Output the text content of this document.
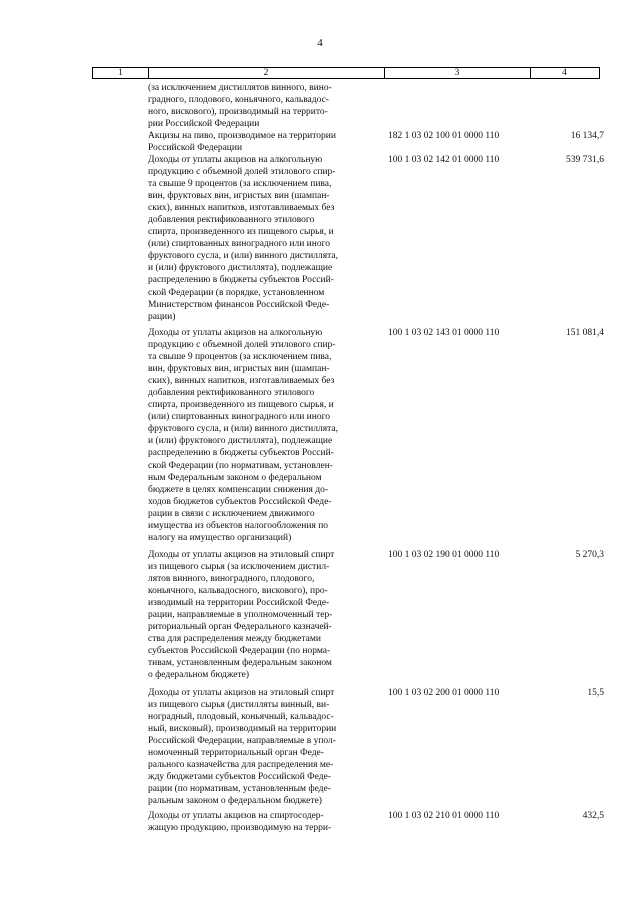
4
1	2	3	4
(за исключением дистиллятов винного, вино-
градного, плодового, коньячного, кальвадос-
ного, вискового), производимый на террито-
рии Российской Федерации
Акцизы на пиво, производимое на территории
Российской Федерации
182 1 03 02 100 01 0000 110	16 134,7
Доходы от уплаты акцизов на алкогольную
продукцию с объемной долей этилового спир-
та свыше 9 процентов (за исключением пива,
вин, фруктовых вин, игристых вин (шампан-
ских), винных напитков, изготавливаемых без
добавления ректификованного этилового
спирта, произведенного из пищевого сырья, и
(или) спиртованных виноградного или иного
фруктового сусла, и (или) винного дистиллята,
и (или) фруктового дистиллята), подлежащие
распределению в бюджеты субъектов Россий-
ской Федерации (в порядке, установленном
Министерством финансов Российской Феде-
рации)
100 1 03 02 142 01 0000 110	539 731,6
Доходы от уплаты акцизов на алкогольную
продукцию с объемной долей этилового спир-
та свыше 9 процентов (за исключением пива,
вин, фруктовых вин, игристых вин (шампан-
ских), винных напитков, изготавливаемых без
добавления ректификованного этилового
спирта, произведенного из пищевого сырья, и
(или) спиртованных виноградного или иного
фруктового сусла, и (или) винного дистиллята,
и (или) фруктового дистиллята), подлежащие
распределению в бюджеты субъектов Россий-
ской Федерации (по нормативам, установлен-
ным Федеральным законом о федеральном
бюджете в целях компенсации снижения до-
ходов бюджетов субъектов Российской Феде-
рации в связи с исключением движимого
имущества из объектов налогообложения по
налогу на имущество организаций)
100 1 03 02 143 01 0000 110	151 081,4
Доходы от уплаты акцизов на этиловый спирт
из пищевого сырья (за исключением дистил-
лятов винного, виноградного, плодового,
коньячного, кальвадосного, вискового), про-
изводимый на территории Российской Феде-
рации, направляемые в уполномоченный тер-
риториальный орган Федерального казначей-
ства для распределения между бюджетами
субъектов Российской Федерации (по норма-
тивам, установленным федеральным законом
о федеральном бюджете)
100 1 03 02 190 01 0000 110	5 270,3
Доходы от уплаты акцизов на этиловый спирт
из пищевого сырья (дистилляты винный, ви-
ноградный, плодовый, коньячный, кальвадос-
ный, висковый), производимый на территории
Российской Федерации, направляемые в упол-
номоченный территориальный орган Феде-
рального казначейства для распределения ме-
жду бюджетами субъектов Российской Феде-
рации (по нормативам, установленным феде-
ральным законом о федеральном бюджете)
100 1 03 02 200 01 0000 110	15,5
Доходы от уплаты акцизов на спиртосодер-
жащую продукцию, производимую на терри-
100 1 03 02 210 01 0000 110	432,5
